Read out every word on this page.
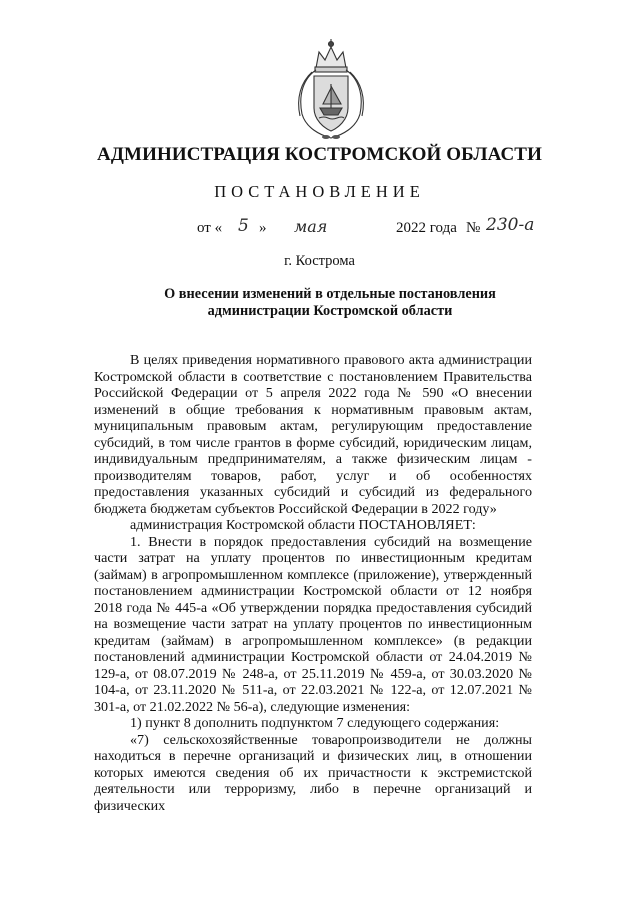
АДМИНИСТРАЦИЯ КОСТРОМСКОЙ ОБЛАСТИ
ПОСТАНОВЛЕНИЕ
от « 5 » мая	2022 года № 230-а
г. Кострома
О внесении изменений в отдельные постановления
администрации Костромской области

В целях приведения нормативного правового акта администрации Костромской области в соответствие с постановлением Правительства Российской Федерации от 5 апреля 2022 года № 590 «О внесении изменений в общие требования к нормативным правовым актам, муниципальным правовым актам, регулирующим предоставление субсидий, в том числе грантов в форме субсидий, юридическим лицам, индивидуальным предпринимателям, а также физическим лицам - производителям товаров, работ, услуг и об особенностях предоставления указанных субсидий и субсидий из федерального бюджета бюджетам субъектов Российской Федерации в 2022 году»

администрация Костромской области ПОСТАНОВЛЯЕТ:

1. Внести в порядок предоставления субсидий на возмещение части затрат на уплату процентов по инвестиционным кредитам (займам) в агропромышленном комплексе (приложение), утвержденный постановлением администрации Костромской области от 12 ноября 2018 года № 445-а «Об утверждении порядка предоставления субсидий на возмещение части затрат на уплату процентов по инвестиционным кредитам (займам) в агропромышленном комплексе» (в редакции постановлений администрации Костромской области от 24.04.2019 № 129-а, от 08.07.2019 № 248-а, от 25.11.2019 № 459-а, от 30.03.2020 № 104-а, от 23.11.2020 № 511-а, от 22.03.2021 № 122-а, от 12.07.2021 № 301-а, от 21.02.2022 № 56-а), следующие изменения:

1) пункт 8 дополнить подпунктом 7 следующего содержания:

«7) сельскохозяйственные товаропроизводители не должны находиться в перечне организаций и физических лиц, в отношении которых имеются сведения об их причастности к экстремистской деятельности или терроризму, либо в перечне организаций и физических
